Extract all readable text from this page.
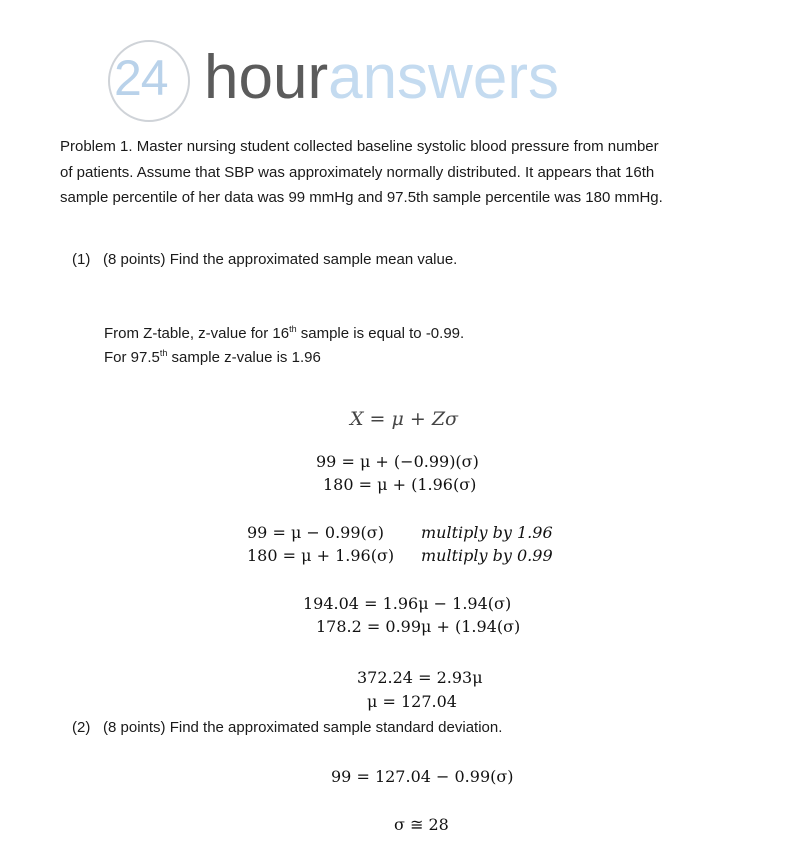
24 houranswers

Problem 1. Master nursing student collected baseline systolic blood pressure from number

of patients. Assume that SBP was approximately normally distributed. It appears that 16th

sample percentile of her data was 99 mmHg and 97.5th sample percentile was 180 mmHg.

(1) (8 points) Find the approximated sample mean value.
From Z-table, z-value for 16th sample is equal to -0.99.
For 97.5th sample z-value is 1.96
X = μ + Zσ
99 = μ + (−0.99)(σ)
180 = μ + (1.96(σ)
99 = μ − 0.99(σ) multiply by 1.96
180 = μ + 1.96(σ) multiply by 0.99
194.04 = 1.96μ − 1.94(σ)
178.2 = 0.99μ + (1.94(σ)
372.24 = 2.93μ
μ = 127.04
(2) (8 points) Find the approximated sample standard deviation.
99 = 127.04 − 0.99(σ)
σ ≅ 28
